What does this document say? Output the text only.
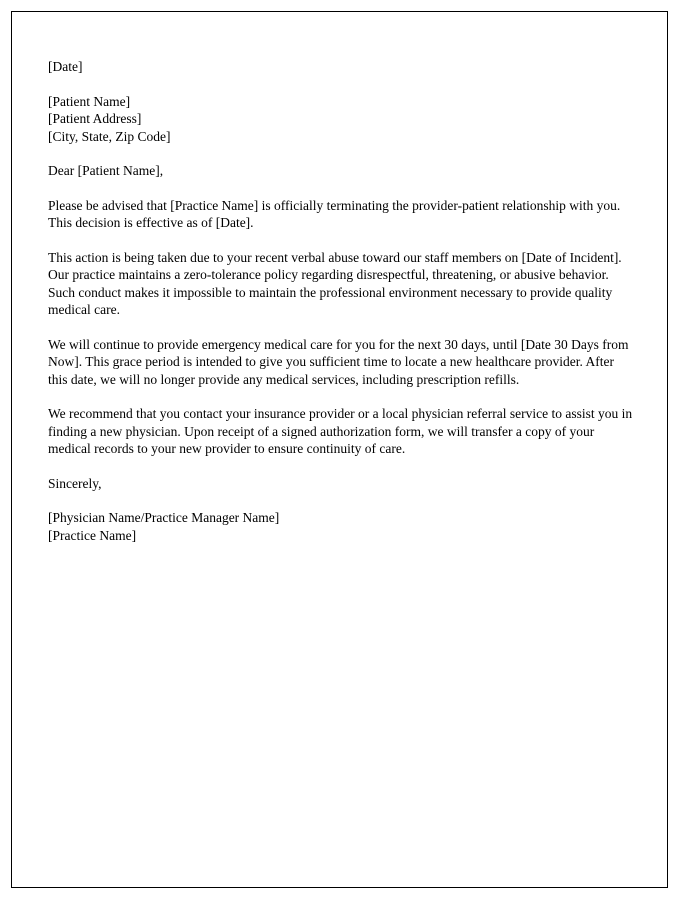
[Date]

[Patient Name]
[Patient Address]
[City, State, Zip Code]

Dear [Patient Name],

Please be advised that [Practice Name] is officially terminating the provider-patient relationship with you. This decision is effective as of [Date].

This action is being taken due to your recent verbal abuse toward our staff members on [Date of Incident]. Our practice maintains a zero-tolerance policy regarding disrespectful, threatening, or abusive behavior. Such conduct makes it impossible to maintain the professional environment necessary to provide quality medical care.

We will continue to provide emergency medical care for you for the next 30 days, until [Date 30 Days from Now]. This grace period is intended to give you sufficient time to locate a new healthcare provider. After this date, we will no longer provide any medical services, including prescription refills.

We recommend that you contact your insurance provider or a local physician referral service to assist you in finding a new physician. Upon receipt of a signed authorization form, we will transfer a copy of your medical records to your new provider to ensure continuity of care.

Sincerely,

[Physician Name/Practice Manager Name]
[Practice Name]
